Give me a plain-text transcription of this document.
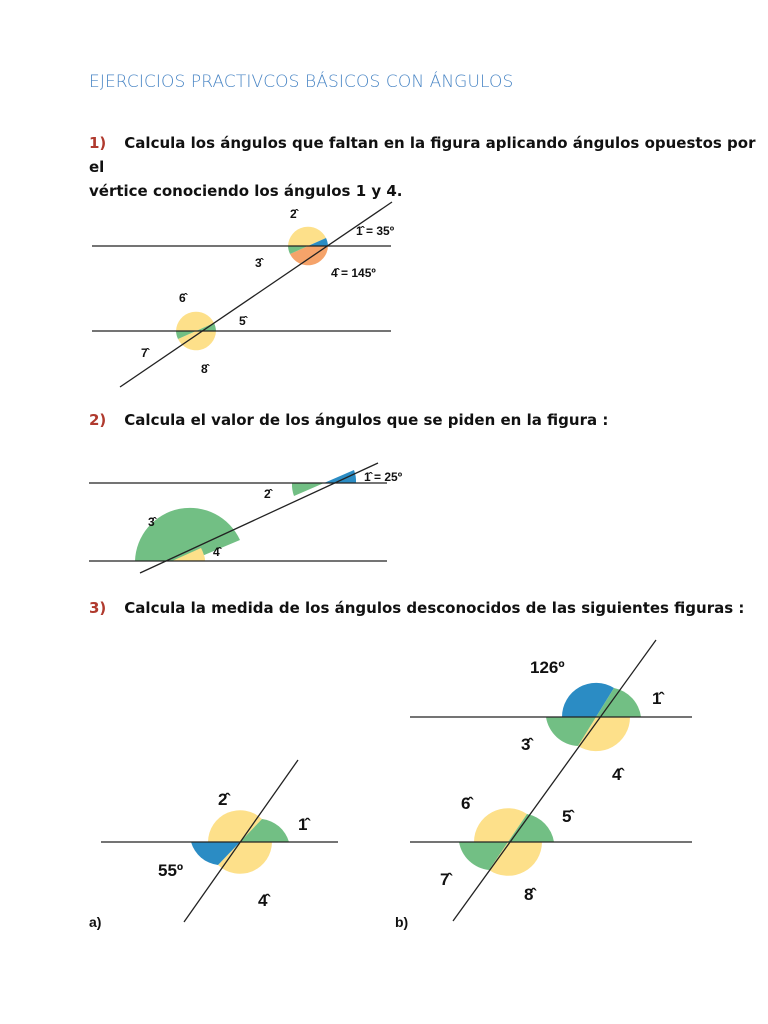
EJERCICIOS PRACTIVCOS BÁSICOS CON ÁNGULOS
1) Calcula los ángulos que faltan en la figura aplicando ángulos opuestos por el
vértice conociendo los ángulos 1 y 4.
2̂
1̂ = 35º
3̂
4̂ = 145º
6̂
5̂
7̂
8̂
2) Calcula el valor de los ángulos que se piden en la figura :
1̂ = 25º
2̂
3̂
4̂
3) Calcula la medida de los ángulos desconocidos de las siguientes figuras :
2̂
1̂
55º
4̂
a)
126º
1̂
3̂
4̂
6̂
5̂
7̂
8̂
b)
